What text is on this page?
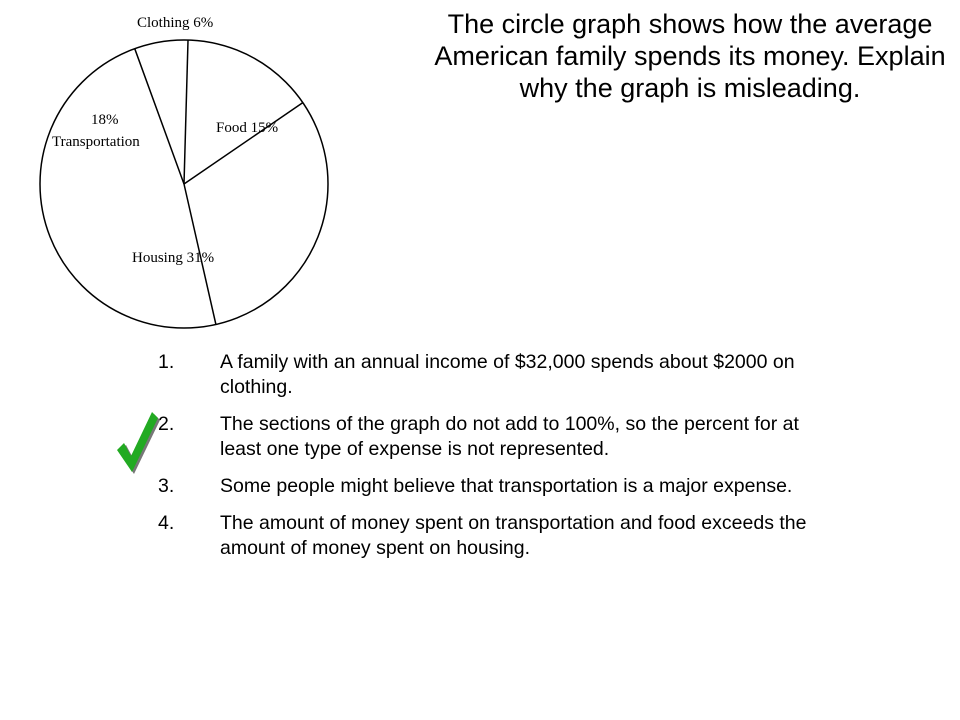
Clothing 6%
Food 15%
Housing 31%
18%
Transportation

The circle graph shows how the average American family spends its money. Explain why the graph is misleading.

1.	A family with an annual income of $32,000 spends about $2000 on
clothing.
2.	The sections of the graph do not add to 100%, so the percent for at
least one type of expense is not represented.
3.	Some people might believe that transportation is a major expense.
4.	The amount of money spent on transportation and food exceeds the
amount of money spent on housing.
